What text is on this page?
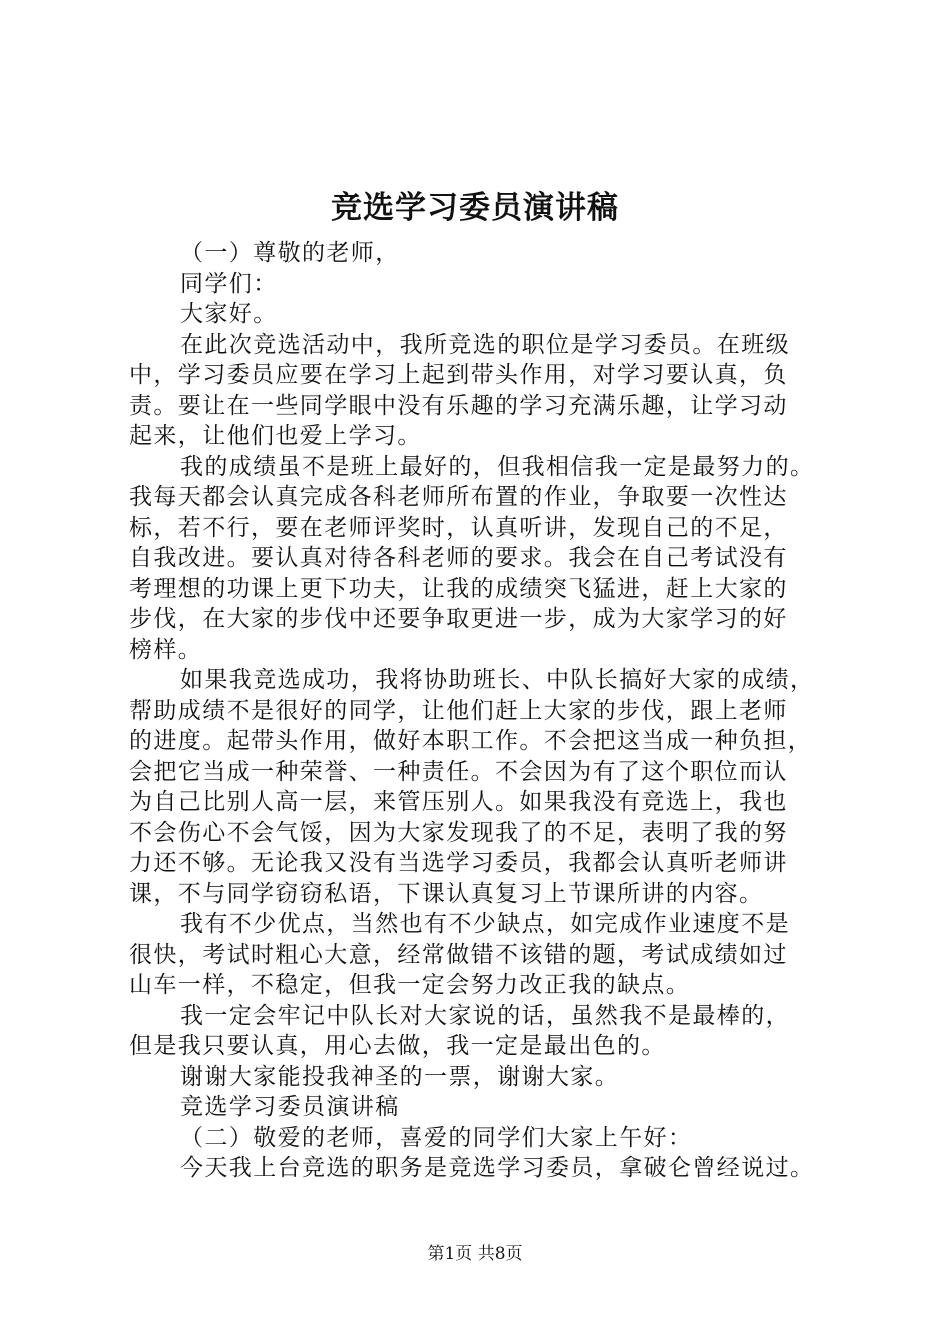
竞选学习委员演讲稿
（一）尊敬的老师，
同学们：
大家好。
在此次竞选活动中，我所竞选的职位是学习委员。在班级
中，学习委员应要在学习上起到带头作用，对学习要认真，负
责。要让在一些同学眼中没有乐趣的学习充满乐趣，让学习动
起来，让他们也爱上学习。
我的成绩虽不是班上最好的，但我相信我一定是最努力的。
我每天都会认真完成各科老师所布置的作业，争取要一次性达
标，若不行，要在老师评奖时，认真听讲，发现自己的不足，
自我改进。要认真对待各科老师的要求。我会在自己考试没有
考理想的功课上更下功夫，让我的成绩突飞猛进，赶上大家的
步伐，在大家的步伐中还要争取更进一步，成为大家学习的好
榜样。
如果我竞选成功，我将协助班长、中队长搞好大家的成绩，
帮助成绩不是很好的同学，让他们赶上大家的步伐，跟上老师
的进度。起带头作用，做好本职工作。不会把这当成一种负担，
会把它当成一种荣誉、一种责任。不会因为有了这个职位而认
为自己比别人高一层，来管压别人。如果我没有竞选上，我也
不会伤心不会气馁，因为大家发现我了的不足，表明了我的努
力还不够。无论我又没有当选学习委员，我都会认真听老师讲
课，不与同学窃窃私语，下课认真复习上节课所讲的内容。
我有不少优点，当然也有不少缺点，如完成作业速度不是
很快，考试时粗心大意，经常做错不该错的题，考试成绩如过
山车一样，不稳定，但我一定会努力改正我的缺点。
我一定会牢记中队长对大家说的话，虽然我不是最棒的，
但是我只要认真，用心去做，我一定是最出色的。
谢谢大家能投我神圣的一票，谢谢大家。
竞选学习委员演讲稿
（二）敬爱的老师，喜爱的同学们大家上午好：
今天我上台竞选的职务是竞选学习委员，拿破仑曾经说过。
第1页 共8页
